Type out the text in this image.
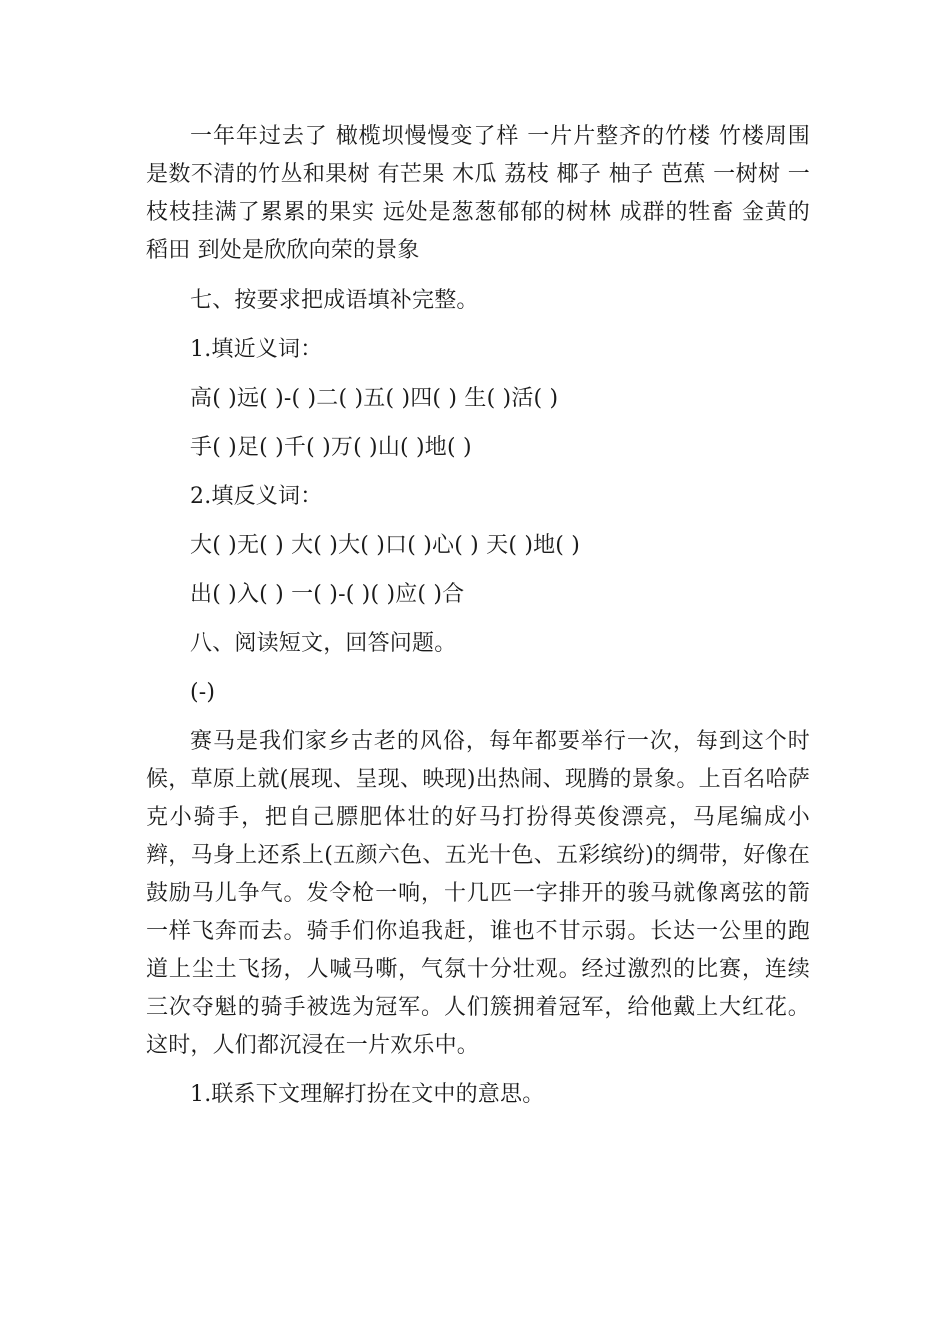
一年年过去了 橄榄坝慢慢变了样 一片片整齐的竹楼 竹楼周围是数不清的竹丛和果树 有芒果 木瓜 荔枝 椰子 柚子 芭蕉 一树树 一枝枝挂满了累累的果实 远处是葱葱郁郁的树林 成群的牲畜 金黄的稻田 到处是欣欣向荣的景象

七、按要求把成语填补完整。

1.填近义词：

高( )远( )-( )二( )五( )四( ) 生( )活( )

手( )足( )千( )万( )山( )地( )

2.填反义词：

大( )无( ) 大( )大( )口( )心( ) 天( )地( )

出( )入( ) 一( )-( )( )应( )合

八、阅读短文，回答问题。

(-)

赛马是我们家乡古老的风俗，每年都要举行一次，每到这个时候，草原上就(展现、呈现、映现)出热闹、现腾的景象。上百名哈萨克小骑手，把自己膘肥体壮的好马打扮得英俊漂亮，马尾编成小辫，马身上还系上(五颜六色、五光十色、五彩缤纷)的绸带，好像在鼓励马儿争气。发令枪一响，十几匹一字排开的骏马就像离弦的箭一样飞奔而去。骑手们你追我赶，谁也不甘示弱。长达一公里的跑道上尘土飞扬，人喊马嘶，气氛十分壮观。经过激烈的比赛，连续三次夺魁的骑手被选为冠军。人们簇拥着冠军，给他戴上大红花。这时，人们都沉浸在一片欢乐中。

1.联系下文理解打扮在文中的意思。
